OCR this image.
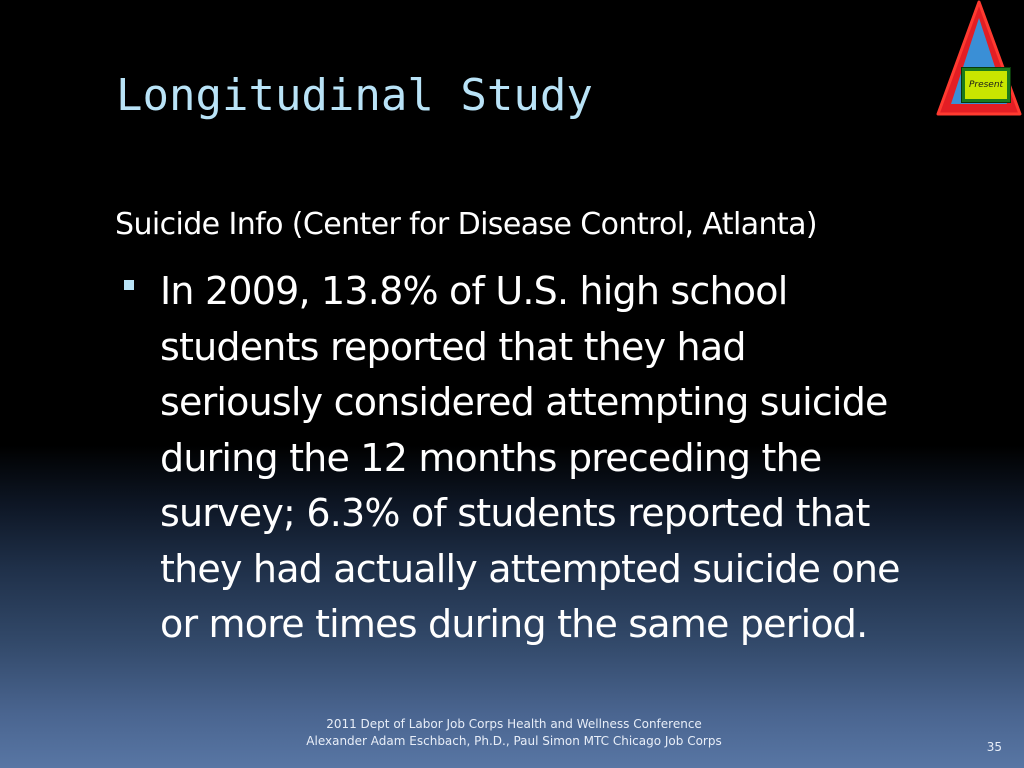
Longitudinal Study	Present

Suicide Info (Center for Disease Control, Atlanta)

In 2009, 13.8% of U.S. high school students reported that they had seriously considered attempting suicide during the 12 months preceding the survey; 6.3% of students reported that they had actually attempted suicide one or more times during the same period.
2011 Dept of Labor Job Corps Health and Wellness Conference
Alexander Adam Eschbach, Ph.D., Paul Simon MTC Chicago Job Corps	35
